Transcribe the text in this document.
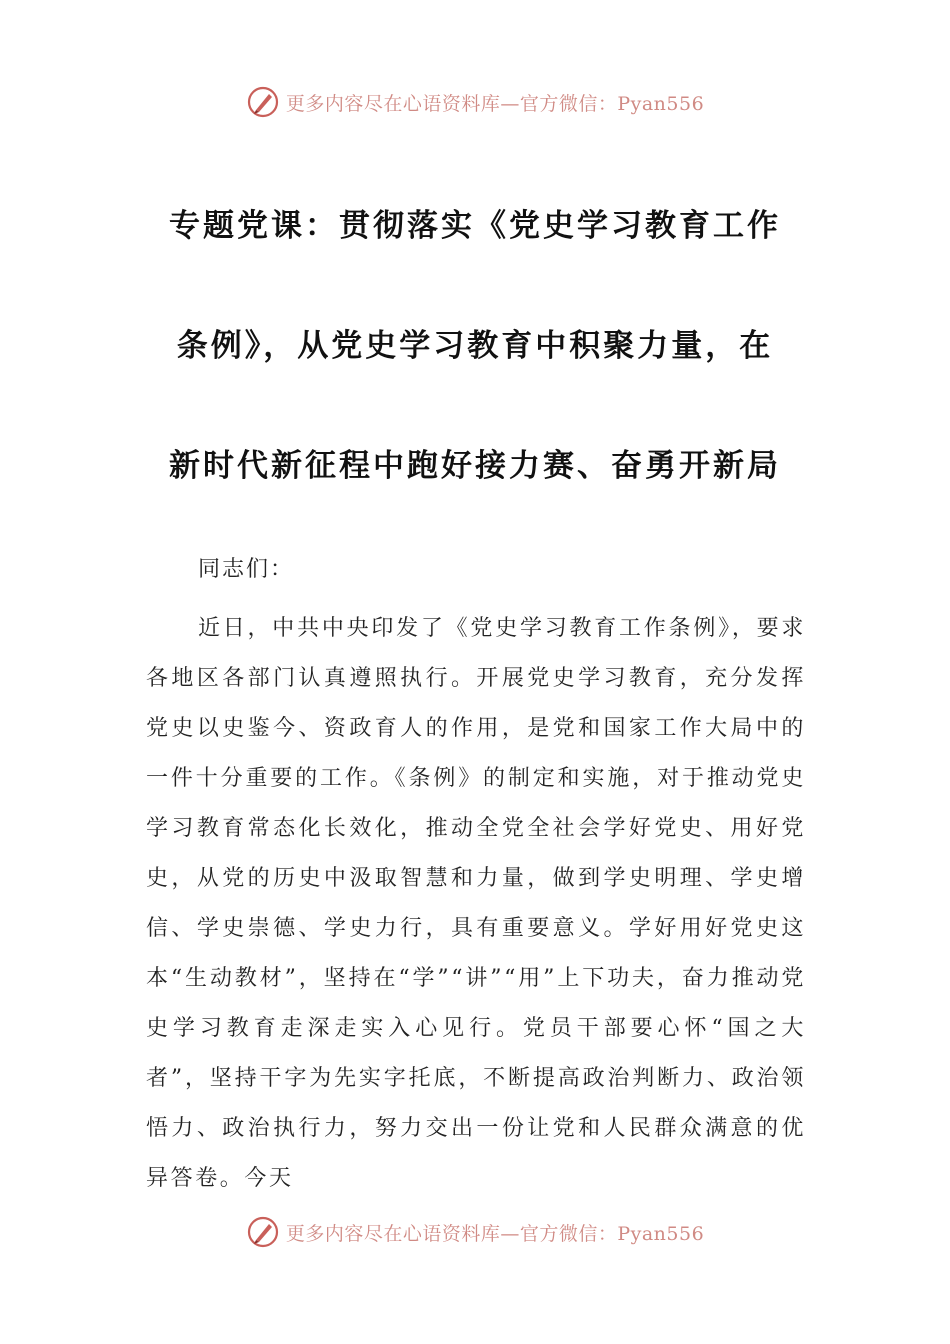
更多内容尽在心语资料库—官方微信：Pyan556
专题党课：贯彻落实《党史学习教育工作
条例》，从党史学习教育中积聚力量，在
新时代新征程中跑好接力赛、奋勇开新局

同志们：

近日，中共中央印发了《党史学习教育工作条例》，要求各地区各部门认真遵照执行。开展党史学习教育，充分发挥党史以史鉴今、资政育人的作用，是党和国家工作大局中的一件十分重要的工作。《条例》的制定和实施，对于推动党史学习教育常态化长效化，推动全党全社会学好党史、用好党史，从党的历史中汲取智慧和力量，做到学史明理、学史增信、学史崇德、学史力行，具有重要意义。学好用好党史这本“生动教材”，坚持在“学”“讲”“用”上下功夫，奋力推动党史学习教育走深走实入心见行。党员干部要心怀“国之大者”，坚持干字为先实字托底，不断提高政治判断力、政治领悟力、政治执行力，努力交出一份让党和人民群众满意的优异答卷。今天

更多内容尽在心语资料库—官方微信：Pyan556
